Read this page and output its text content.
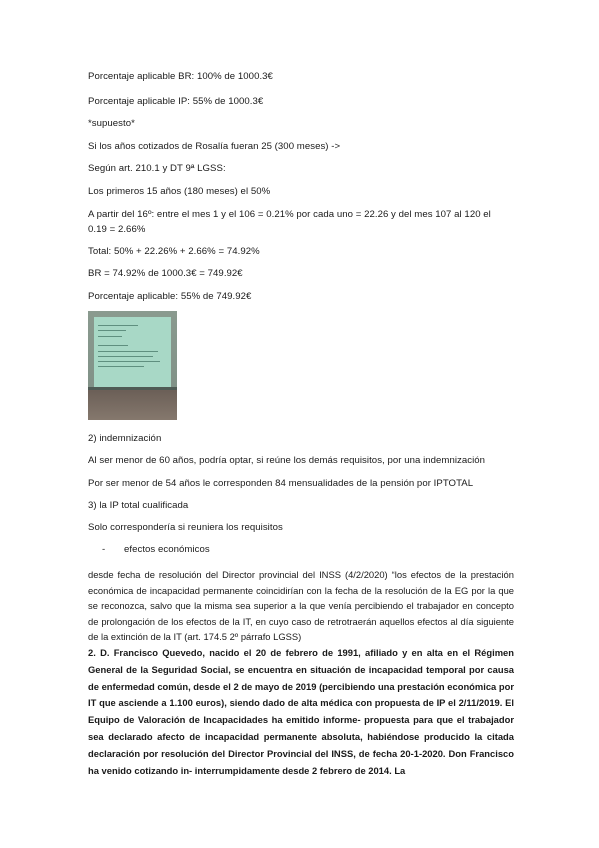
Porcentaje aplicable BR: 100% de 1000.3€
Porcentaje aplicable IP: 55% de 1000.3€
*supuesto*
Si los años cotizados de Rosalía fueran 25 (300 meses) ->
Según art. 210.1 y DT 9ª LGSS:
Los primeros 15 años (180 meses) el 50%
A partir del 16º: entre el mes 1 y el 106 = 0.21% por cada uno = 22.26 y del mes 107 al 120 el
0.19 = 2.66%
Total: 50% + 22.26% + 2.66% = 74.92%
BR = 74.92% de 1000.3€ = 749.92€
Porcentaje aplicable: 55% de 749.92€
2) indemnización
Al ser menor de 60 años, podría optar, si reúne los demás requisitos, por una indemnización
Por ser menor de 54 años le corresponden 84 mensualidades de la pensión por IPTOTAL
3) la IP total cualificada
Solo correspondería si reuniera los requisitos
- efectos económicos
desde fecha de resolución del Director provincial del INSS (4/2/2020) “los efectos de la prestación económica de incapacidad permanente coincidirían con la fecha de la resolución de la EG por la que se reconozca, salvo que la misma sea superior a la que venía percibiendo el trabajador en concepto de prolongación de los efectos de la IT, en cuyo caso de retrotraerán aquellos efectos al día siguiente de la extinción de la IT (art. 174.5 2º párrafo LGSS)
2. D. Francisco Quevedo, nacido el 20 de febrero de 1991, afiliado y en alta en el Régimen General de la Seguridad Social, se encuentra en situación de incapacidad temporal por causa de enfermedad común, desde el 2 de mayo de 2019 (percibiendo una prestación económica por IT que asciende a 1.100 euros), siendo dado de alta médica con propuesta de IP el 2/11/2019. El Equipo de Valoración de Incapacidades ha emitido informe- propuesta para que el trabajador sea declarado afecto de incapacidad permanente absoluta, habiéndose producido la citada declaración por resolución del Director Provincial del INSS, de fecha 20-1-2020. Don Francisco ha venido cotizando in- interrumpidamente desde 2 febrero de 2014. La
